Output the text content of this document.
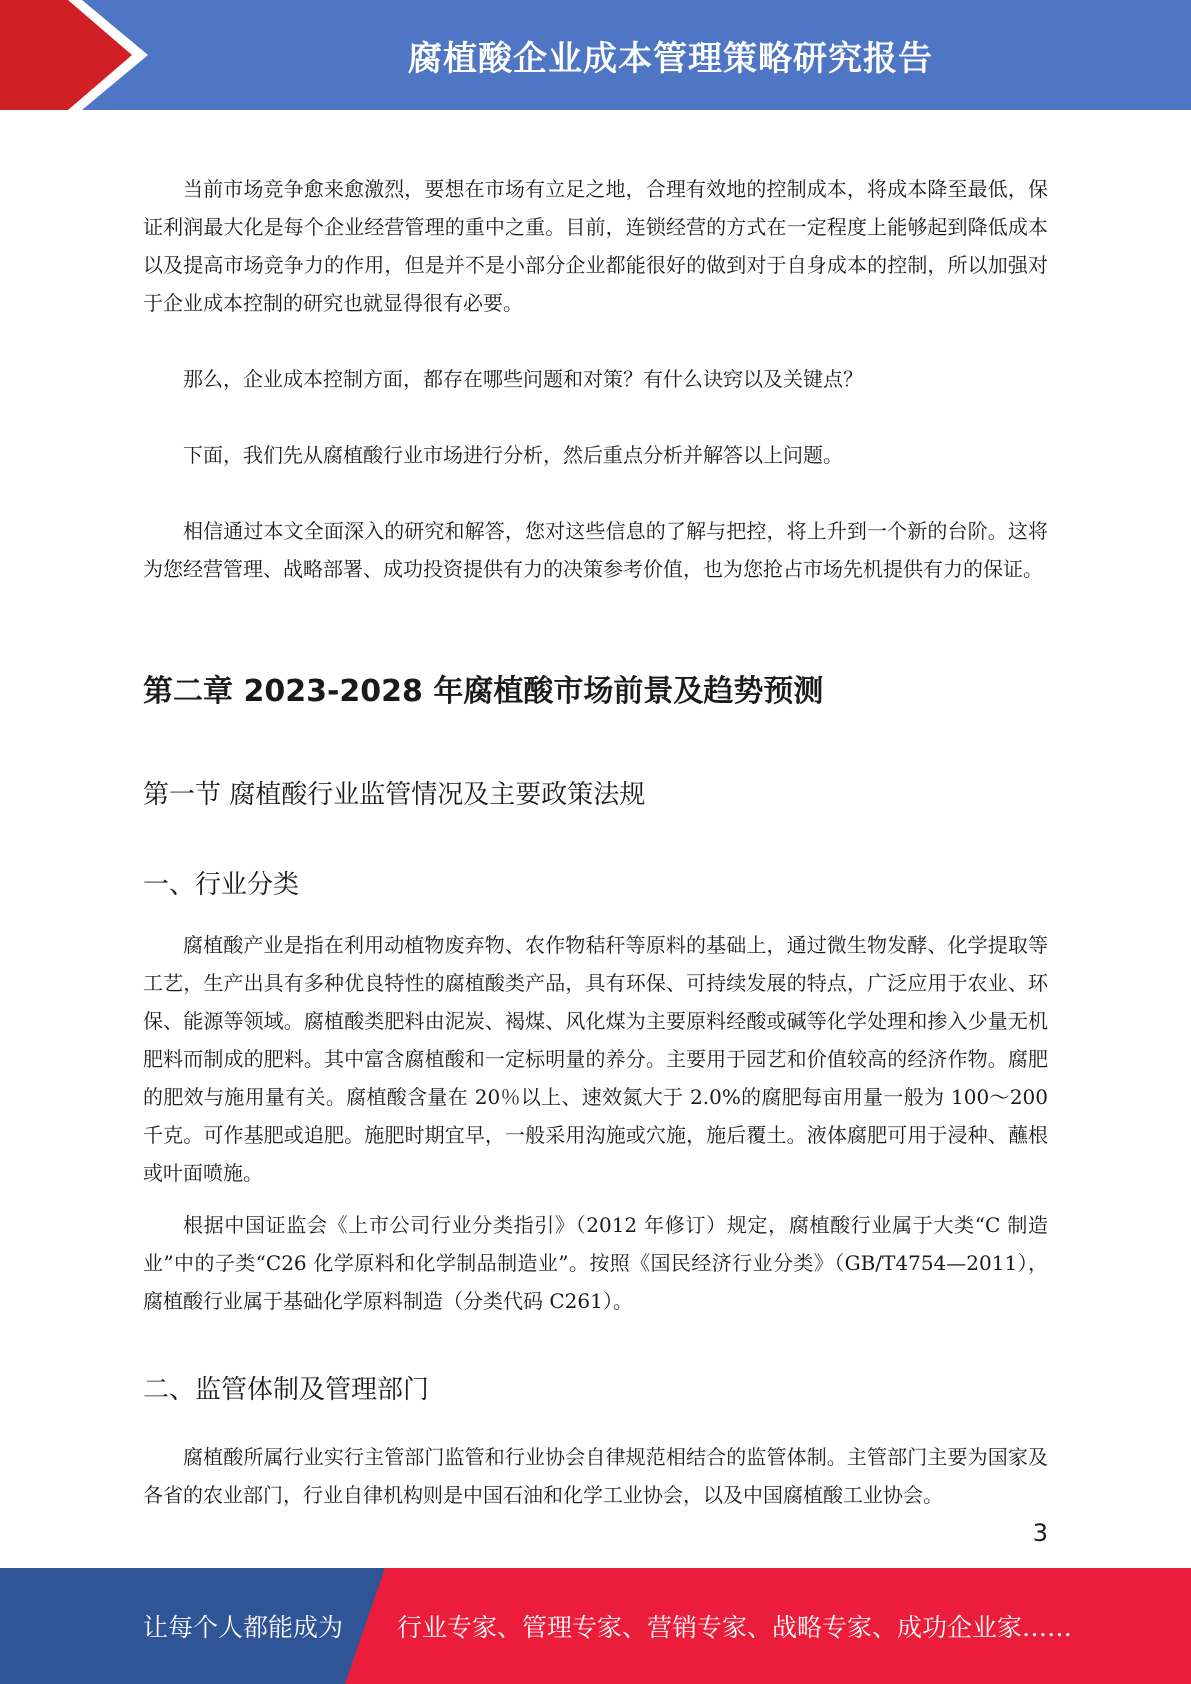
腐植酸企业成本管理策略研究报告

当前市场竞争愈来愈激烈，要想在市场有立足之地，合理有效地的控制成本，将成本降至最低，保证利润最大化是每个企业经营管理的重中之重。目前，连锁经营的方式在一定程度上能够起到降低成本以及提高市场竞争力的作用，但是并不是小部分企业都能很好的做到对于自身成本的控制，所以加强对于企业成本控制的研究也就显得很有必要。

那么，企业成本控制方面，都存在哪些问题和对策？有什么诀窍以及关键点？

下面，我们先从腐植酸行业市场进行分析，然后重点分析并解答以上问题。

相信通过本文全面深入的研究和解答，您对这些信息的了解与把控，将上升到一个新的台阶。这将为您经营管理、战略部署、成功投资提供有力的决策参考价值，也为您抢占市场先机提供有力的保证。

第二章 2023-2028 年腐植酸市场前景及趋势预测
第一节 腐植酸行业监管情况及主要政策法规
一、行业分类

腐植酸产业是指在利用动植物废弃物、农作物秸秆等原料的基础上，通过微生物发酵、化学提取等工艺，生产出具有多种优良特性的腐植酸类产品，具有环保、可持续发展的特点，广泛应用于农业、环保、能源等领域。腐植酸类肥料由泥炭、褐煤、风化煤为主要原料经酸或碱等化学处理和掺入少量无机肥料而制成的肥料。其中富含腐植酸和一定标明量的养分。主要用于园艺和价值较高的经济作物。腐肥的肥效与施用量有关。腐植酸含量在 20％以上、速效氮大于 2.0%的腐肥每亩用量一般为 100～200 千克。可作基肥或追肥。施肥时期宜早，一般采用沟施或穴施，施后覆土。液体腐肥可用于浸种、蘸根或叶面喷施。

根据中国证监会《上市公司行业分类指引》（2012 年修订）规定，腐植酸行业属于大类“C 制造业”中的子类“C26 化学原料和化学制品制造业”。按照《国民经济行业分类》（GB/T4754—2011），腐植酸行业属于基础化学原料制造（分类代码 C261）。

二、监管体制及管理部门

腐植酸所属行业实行主管部门监管和行业协会自律规范相结合的监管体制。主管部门主要为国家及各省的农业部门，行业自律机构则是中国石油和化学工业协会，以及中国腐植酸工业协会。

3
让每个人都能成为 行业专家、管理专家、营销专家、战略专家、成功企业家……
